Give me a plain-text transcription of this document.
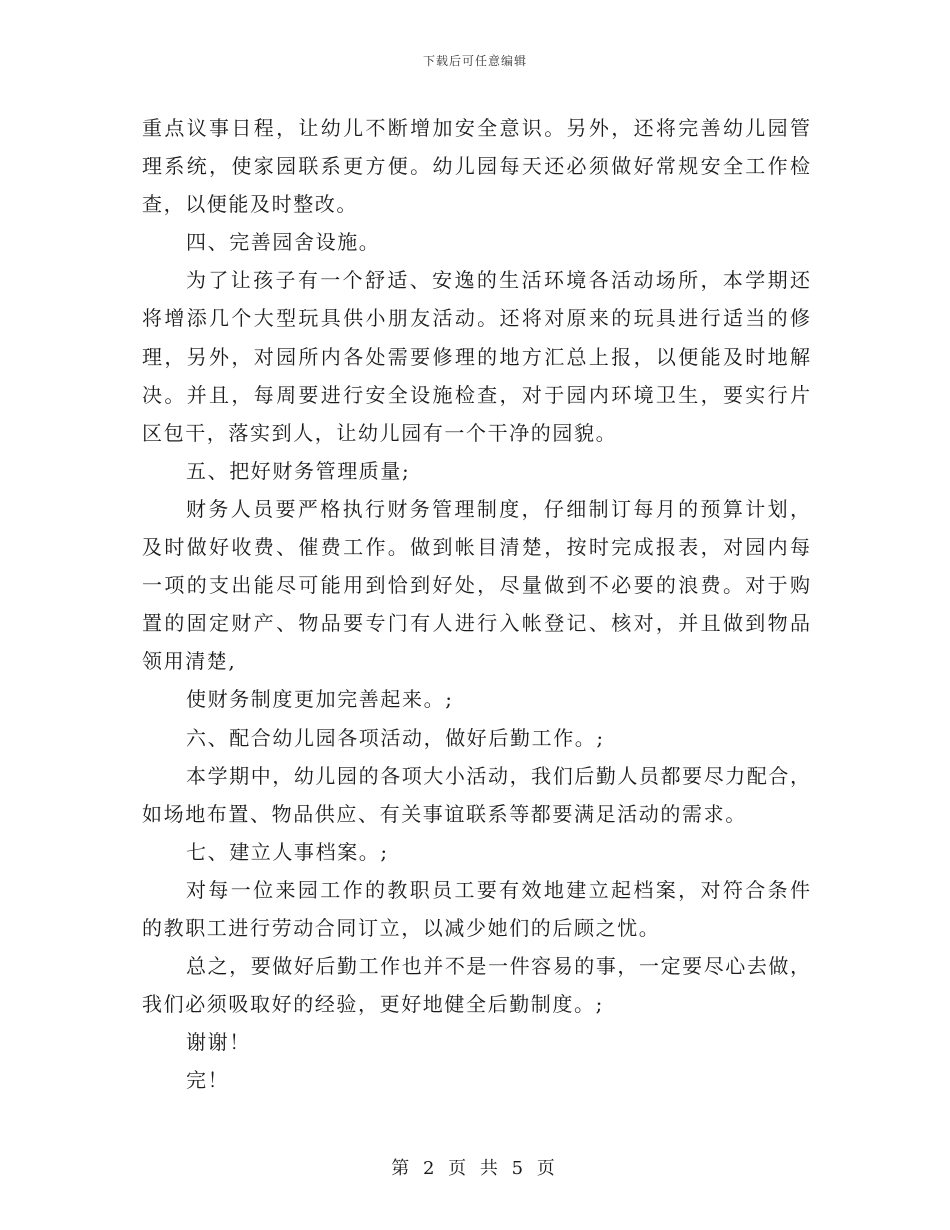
下载后可任意编辑
重点议事日程，让幼儿不断增加安全意识。另外，还将完善幼儿园管
理系统，使家园联系更方便。幼儿园每天还必须做好常规安全工作检
查，以便能及时整改。
四、完善园舍设施。
为了让孩子有一个舒适、安逸的生活环境各活动场所，本学期还
将增添几个大型玩具供小朋友活动。还将对原来的玩具进行适当的修
理，另外，对园所内各处需要修理的地方汇总上报，以便能及时地解
决。并且，每周要进行安全设施检查，对于园内环境卫生，要实行片
区包干，落实到人，让幼儿园有一个干净的园貌。
五、把好财务管理质量;
财务人员要严格执行财务管理制度，仔细制订每月的预算计划，
及时做好收费、催费工作。做到帐目清楚，按时完成报表，对园内每
一项的支出能尽可能用到恰到好处，尽量做到不必要的浪费。对于购
置的固定财产、物品要专门有人进行入帐登记、核对，并且做到物品
领用清楚,
使财务制度更加完善起来。;
六、配合幼儿园各项活动，做好后勤工作。;
本学期中，幼儿园的各项大小活动，我们后勤人员都要尽力配合，
如场地布置、物品供应、有关事谊联系等都要满足活动的需求。
七、建立人事档案。;
对每一位来园工作的教职员工要有效地建立起档案，对符合条件
的教职工进行劳动合同订立，以减少她们的后顾之忧。
总之，要做好后勤工作也并不是一件容易的事，一定要尽心去做，
我们必须吸取好的经验，更好地健全后勤制度。;
谢谢！
完！
第 2 页 共 5 页
